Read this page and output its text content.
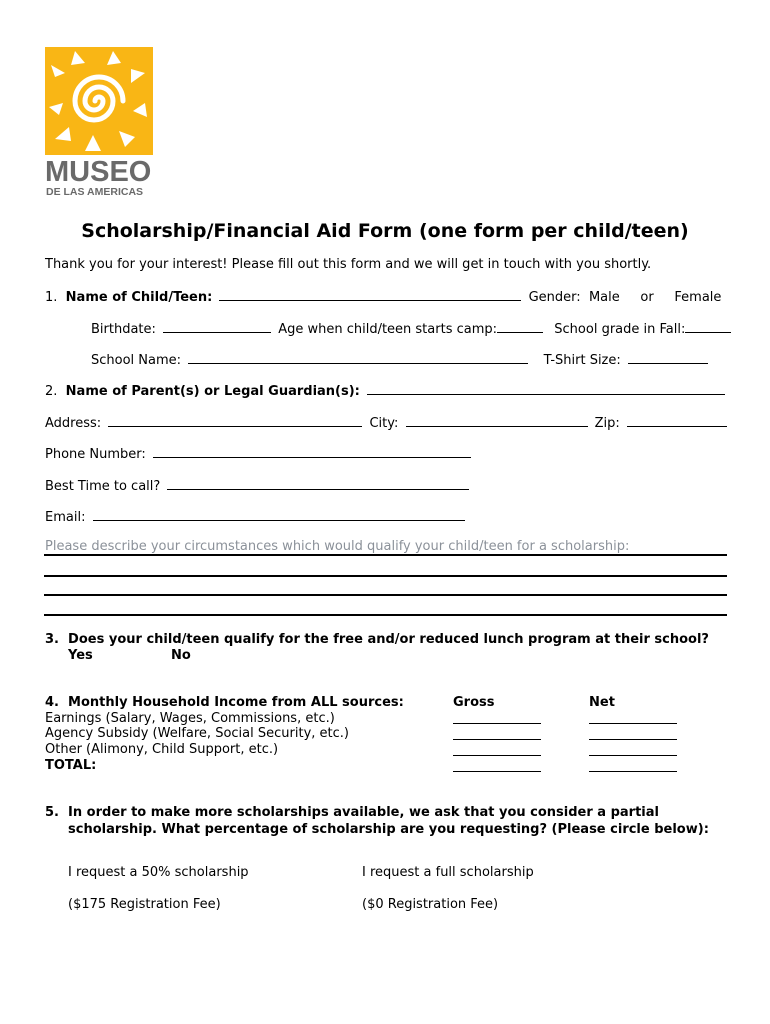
MUSEO
DE LAS AMERICAS
Scholarship/Financial Aid Form (one form per child/teen)
Thank you for your interest! Please fill out this form and we will get in touch with you shortly.
1. Name of Child/Teen:	Gender: Male or Female
Birthdate:	Age when child/teen starts camp:	School grade in Fall:
School Name:	T-Shirt Size:
2. Name of Parent(s) or Legal Guardian(s):
Address:	City:	Zip:
Phone Number:
Best Time to call?
Email:
Please describe your circumstances which would qualify your child/teen for a scholarship:
3. Does your child/teen qualify for the free and/or reduced lunch program at their school?
Yes	No
4. Monthly Household Income from ALL sources:	Gross	Net
Earnings (Salary, Wages, Commissions, etc.)
Agency Subsidy (Welfare, Social Security, etc.)
Other (Alimony, Child Support, etc.)
TOTAL:
5. In order to make more scholarships available, we ask that you consider a partial
scholarship. What percentage of scholarship are you requesting? (Please circle below):
I request a 50% scholarship
($175 Registration Fee)
I request a full scholarship
($0 Registration Fee)
